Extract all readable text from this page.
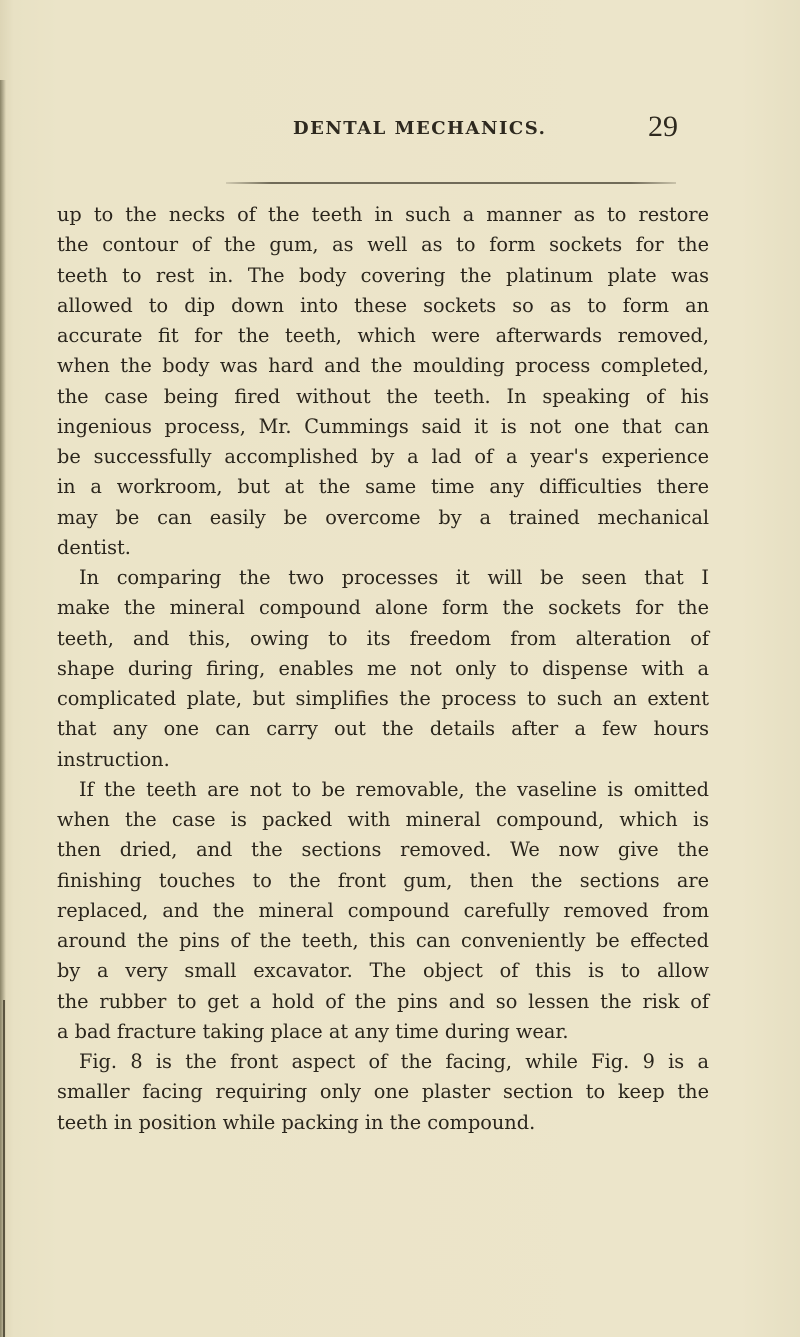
DENTAL MECHANICS.	29
up to the necks of the teeth in such a manner as to restore
the contour of the gum, as well as to form sockets for the
teeth to rest in. The body covering the platinum plate was
allowed to dip down into these sockets so as to form an
accurate fit for the teeth, which were afterwards removed,
when the body was hard and the moulding process completed,
the case being fired without the teeth. In speaking of his
ingenious process, Mr. Cummings said it is not one that can
be successfully accomplished by a lad of a year's experience
in a workroom, but at the same time any difficulties there
may be can easily be overcome by a trained mechanical
dentist.
In comparing the two processes it will be seen that I
make the mineral compound alone form the sockets for the
teeth, and this, owing to its freedom from alteration of
shape during firing, enables me not only to dispense with a
complicated plate, but simplifies the process to such an extent
that any one can carry out the details after a few hours
instruction.
If the teeth are not to be removable, the vaseline is omitted
when the case is packed with mineral compound, which is
then dried, and the sections removed. We now give the
finishing touches to the front gum, then the sections are
replaced, and the mineral compound carefully removed from
around the pins of the teeth, this can conveniently be effected
by a very small excavator. The object of this is to allow
the rubber to get a hold of the pins and so lessen the risk of
a bad fracture taking place at any time during wear.
Fig. 8 is the front aspect of the facing, while Fig. 9 is a
smaller facing requiring only one plaster section to keep the
teeth in position while packing in the compound.
